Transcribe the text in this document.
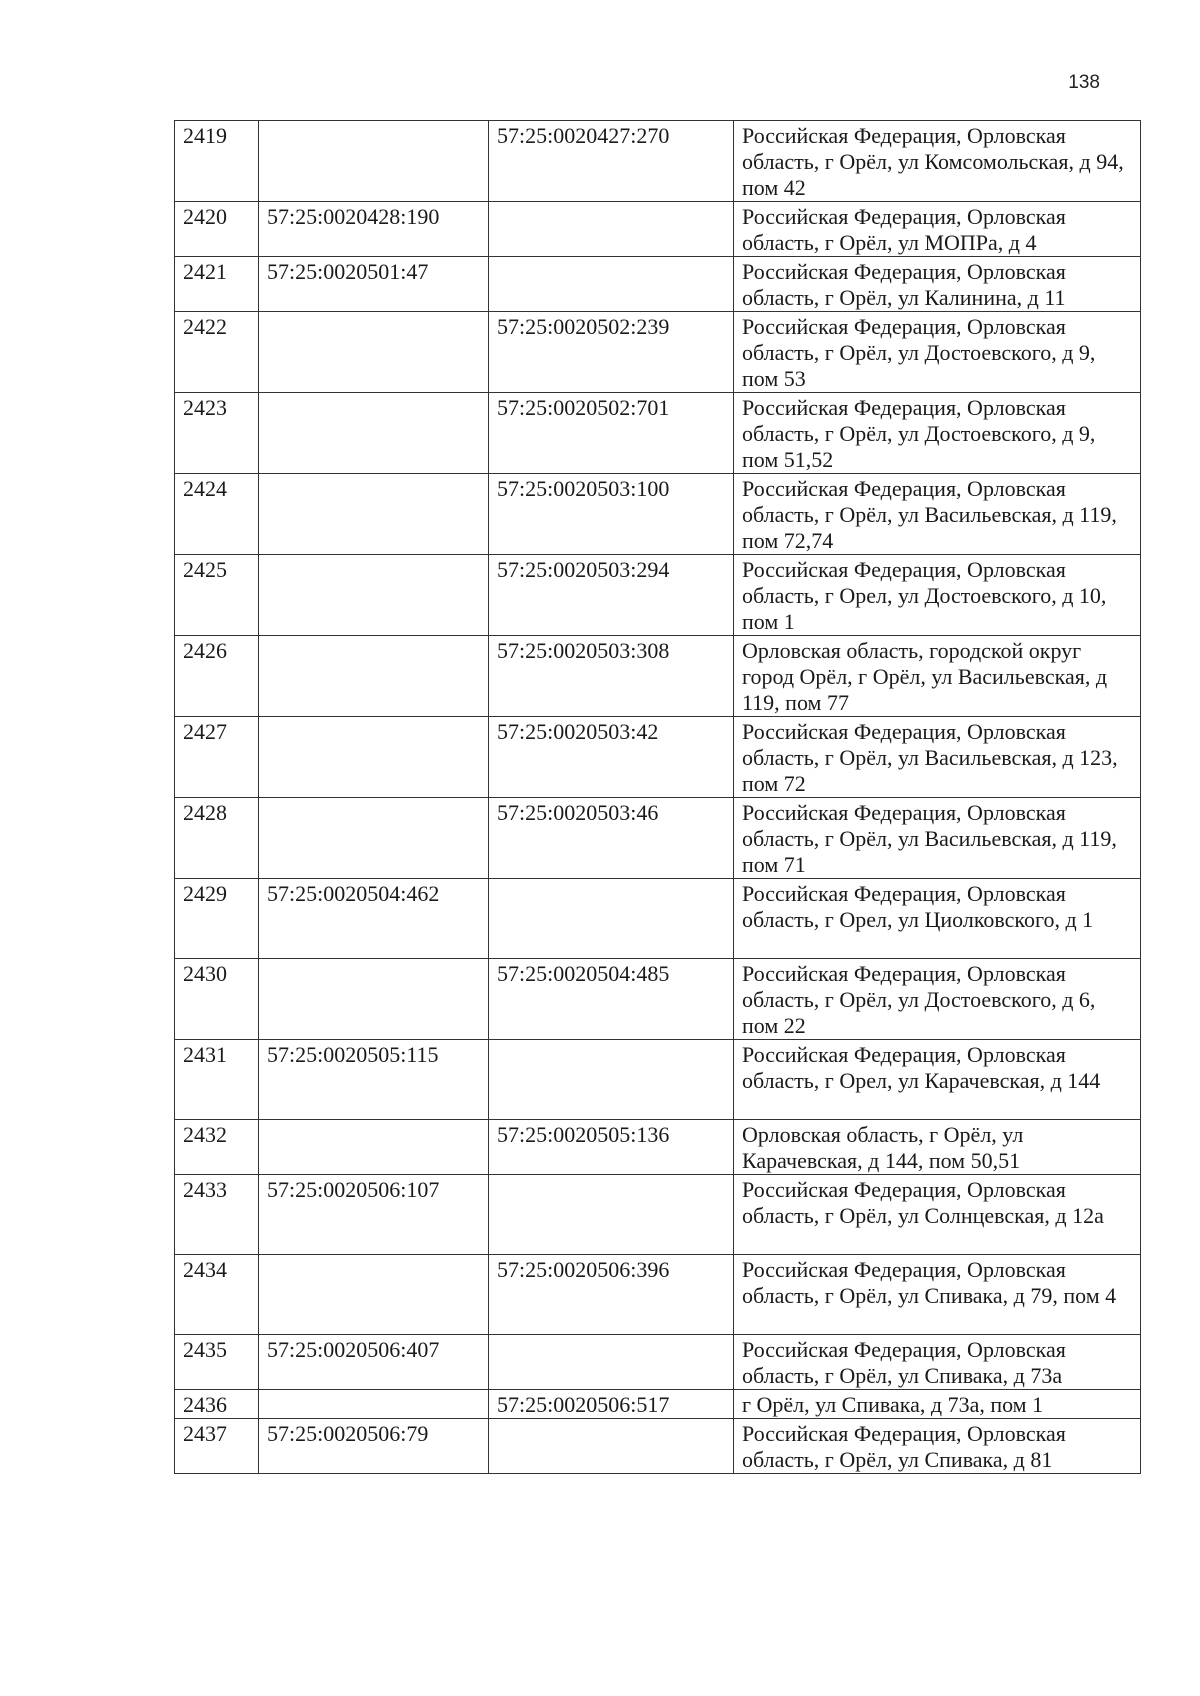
138
2419		57:25:0020427:270	Российская Федерация, Орловская область, г Орёл, ул Комсомольская, д 94, пом 42
2420	57:25:0020428:190		Российская Федерация, Орловская область, г Орёл, ул МОПРа, д 4
2421	57:25:0020501:47		Российская Федерация, Орловская область, г Орёл, ул Калинина, д 11
2422		57:25:0020502:239	Российская Федерация, Орловская область, г Орёл, ул Достоевского, д 9, пом 53
2423		57:25:0020502:701	Российская Федерация, Орловская область, г Орёл, ул Достоевского, д 9, пом 51,52
2424		57:25:0020503:100	Российская Федерация, Орловская область, г Орёл, ул Васильевская, д 119, пом 72,74
2425		57:25:0020503:294	Российская Федерация, Орловская область, г Орел, ул Достоевского, д 10, пом 1
2426		57:25:0020503:308	Орловская область, городской округ город Орёл, г Орёл, ул Васильевская, д 119, пом 77
2427		57:25:0020503:42	Российская Федерация, Орловская область, г Орёл, ул Васильевская, д 123, пом 72
2428		57:25:0020503:46	Российская Федерация, Орловская область, г Орёл, ул Васильевская, д 119, пом 71
2429	57:25:0020504:462		Российская Федерация, Орловская область, г Орел, ул Циолковского, д 1
2430		57:25:0020504:485	Российская Федерация, Орловская область, г Орёл, ул Достоевского, д 6, пом 22
2431	57:25:0020505:115		Российская Федерация, Орловская область, г Орел, ул Карачевская, д 144
2432		57:25:0020505:136	Орловская область, г Орёл, ул Карачевская, д 144, пом 50,51
2433	57:25:0020506:107		Российская Федерация, Орловская область, г Орёл, ул Солнцевская, д 12а
2434		57:25:0020506:396	Российская Федерация, Орловская область, г Орёл, ул Спивака, д 79, пом 4
2435	57:25:0020506:407		Российская Федерация, Орловская область, г Орёл, ул Спивака, д 73а
2436		57:25:0020506:517	г Орёл, ул Спивака, д 73а, пом 1
2437	57:25:0020506:79		Российская Федерация, Орловская область, г Орёл, ул Спивака, д 81
